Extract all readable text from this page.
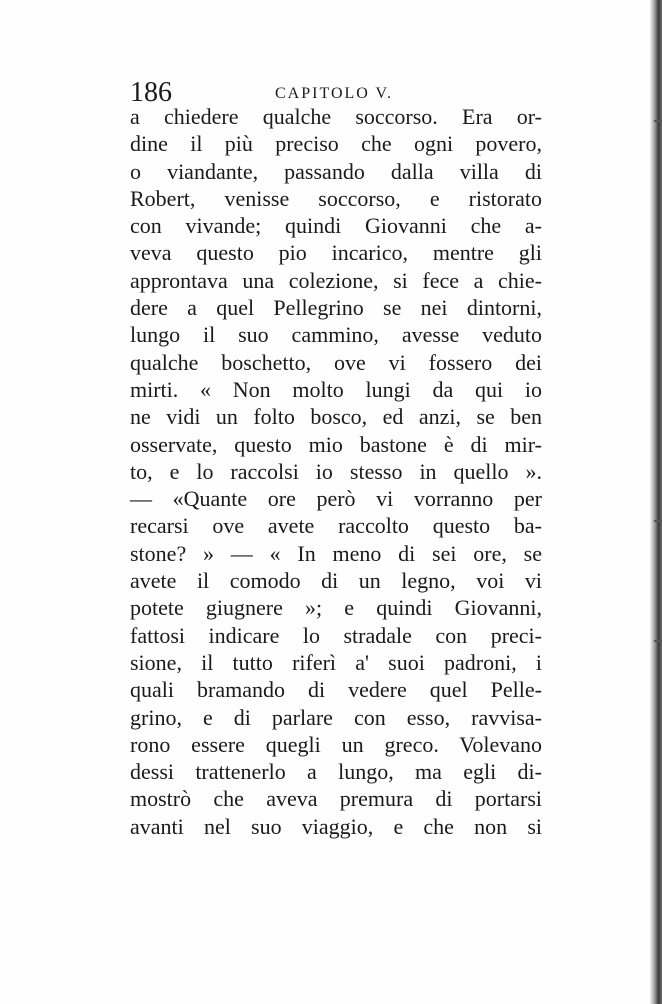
186	CAPITOLO V.
a chiedere qualche soccorso. Era or-
dine il più preciso che ogni povero,
o viandante, passando dalla villa di
Robert, venisse soccorso, e ristorato
con vivande; quindi Giovanni che a-
veva questo pio incarico, mentre gli
approntava una colezione, si fece a chie-
dere a quel Pellegrino se nei dintorni,
lungo il suo cammino, avesse veduto
qualche boschetto, ove vi fossero dei
mirti. « Non molto lungi da qui io
ne vidi un folto bosco, ed anzi, se ben
osservate, questo mio bastone è di mir-
to, e lo raccolsi io stesso in quello ».
— «Quante ore però vi vorranno per
recarsi ove avete raccolto questo ba-
stone? » — « In meno di sei ore, se
avete il comodo di un legno, voi vi
potete giugnere »; e quindi Giovanni,
fattosi indicare lo stradale con preci-
sione, il tutto riferì a' suoi padroni, i
quali bramando di vedere quel Pelle-
grino, e di parlare con esso, ravvisa-
rono essere quegli un greco. Volevano
dessi trattenerlo a lungo, ma egli di-
mostrò che aveva premura di portarsi
avanti nel suo viaggio, e che non si
